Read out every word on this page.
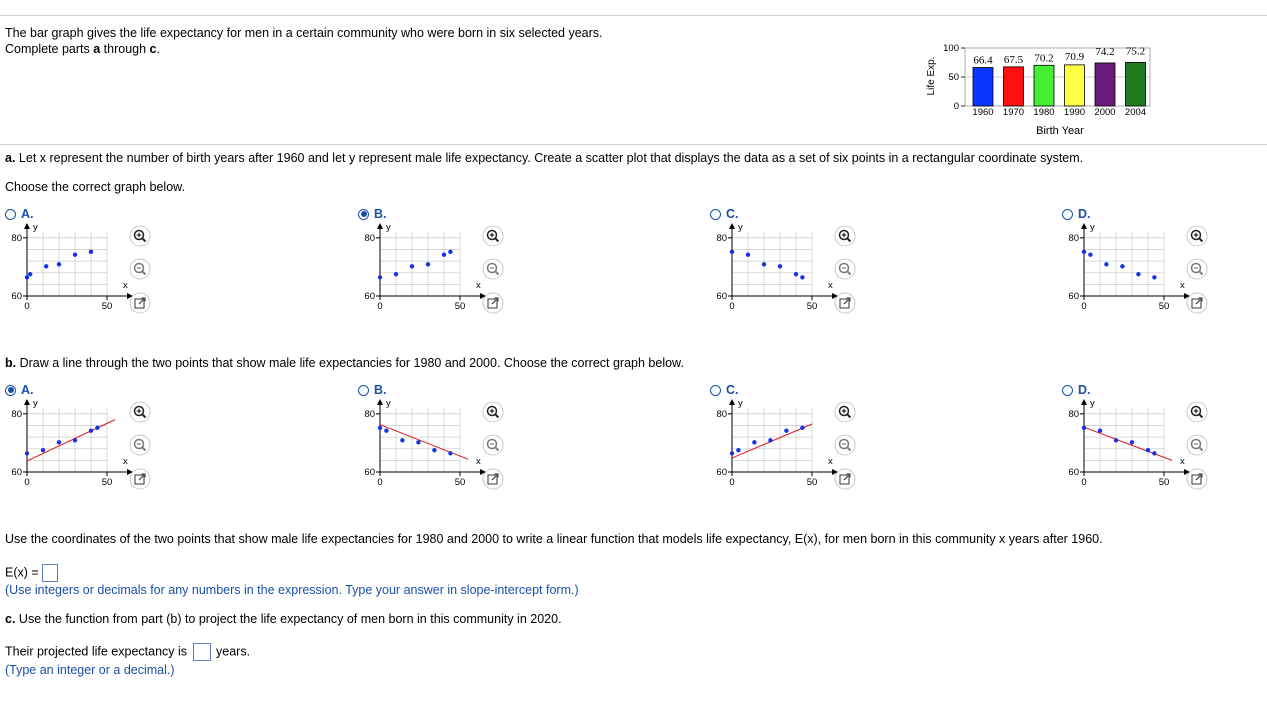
The bar graph gives the life expectancy for men in a certain community who were born in six selected years.
Complete parts a through c.
0
50
100
Life Exp.	66.4
1960
67.5
1970
70.2
1980
70.9
1990
74.2
2000
75.2
2004
Birth Year
a. Let x represent the number of birth years after 1960 and let y represent male life expectancy. Create a scatter plot that displays the data as a set of six points in a rectangular coordinate system.
Choose the correct graph below.
b. Draw a line through the two points that show male life expectancies for 1980 and 2000. Choose the correct graph below.
Use the coordinates of the two points that show male life expectancies for 1980 and 2000 to write a linear function that models life expectancy, E(x), for men born in this community x years after 1960.
E(x) =
(Use integers or decimals for any numbers in the expression. Type your answer in slope-intercept form.)
c. Use the function from part (b) to project the life expectancy of men born in this community in 2020.
Their projected life expectancy is years.
(Type an integer or a decimal.)
A.
y
x
80
60
0	50
B.
y
x
80
60
0	50
C.
y
x
80
60
0	50
D.
y
x
80
60
0	50
A.
y
x
80
60
0	50
B.
y
x
80
60
0	50
C.
y
x
80
60
0	50
D.
y
x
80
60
0	50
